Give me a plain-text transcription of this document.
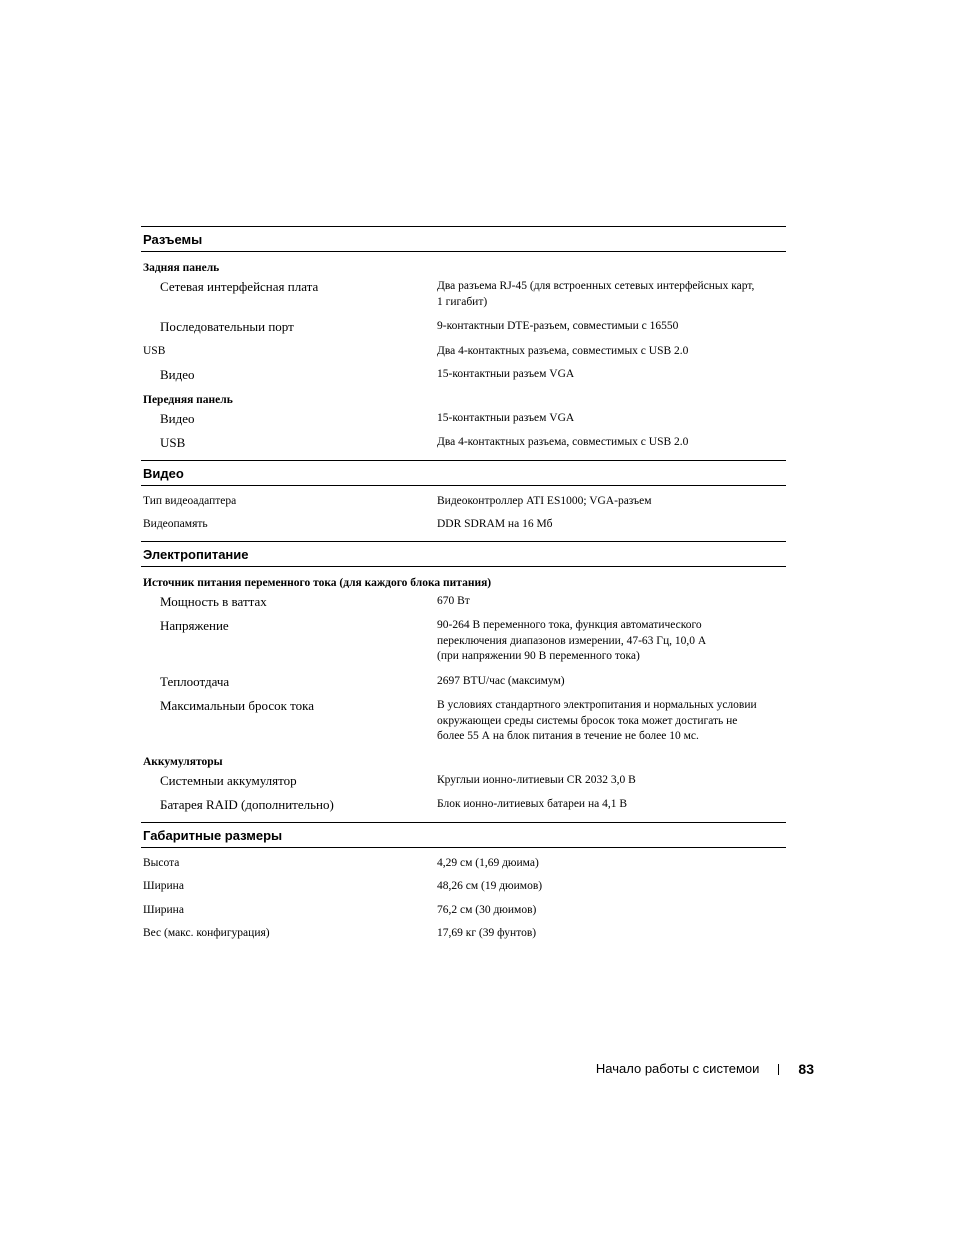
Разъемы
Задняя панель
Сетевая интерфейсная плата	Два разъема RJ-45 (для встроенных сетевых интерфейсных карт,
1 гигабит)
Последовательныи порт	9-контактныи DTE-разъем, совместимыи с 16550
USB	Два 4-контактных разъема, совместимых с USB 2.0
Видео	15-контактныи разъем VGA
Передняя панель
Видео	15-контактныи разъем VGA
USB	Два 4-контактных разъема, совместимых с USB 2.0
Видео
Тип видеоадаптера	Видеоконтроллер ATI ES1000; VGA-разъем
Видеопамять	DDR SDRAM на 16 Мб
Электропитание
Источник питания переменного тока (для каждого блока питания)
Мощность в ваттах	670 Вт
Напряжение	90-264 В переменного тока, функция автоматического
переключения диапазонов измерении, 47-63 Гц, 10,0 А
(при напряжении 90 В переменного тока)
Теплоотдача	2697 BTU/час (максимум)
Максимальныи бросок тока	В условиях стандартного электропитания и нормальных условии
окружающеи среды системы бросок тока может достигать не
более 55 А на блок питания в течение не более 10 мс.
Аккумуляторы
Системныи аккумулятор	Круглыи ионно-литиевыи CR 2032 3,0 В
Батарея RAID (дополнительно)	Блок ионно-литиевых батареи на 4,1 В
Габаритные размеры
Высота	4,29 см (1,69 дюима)
Ширина	48,26 см (19 дюимов)
Ширина	76,2 см (30 дюимов)
Вес (макс. конфигурация)	17,69 кг (39 фунтов)
Начало работы с системои	83
